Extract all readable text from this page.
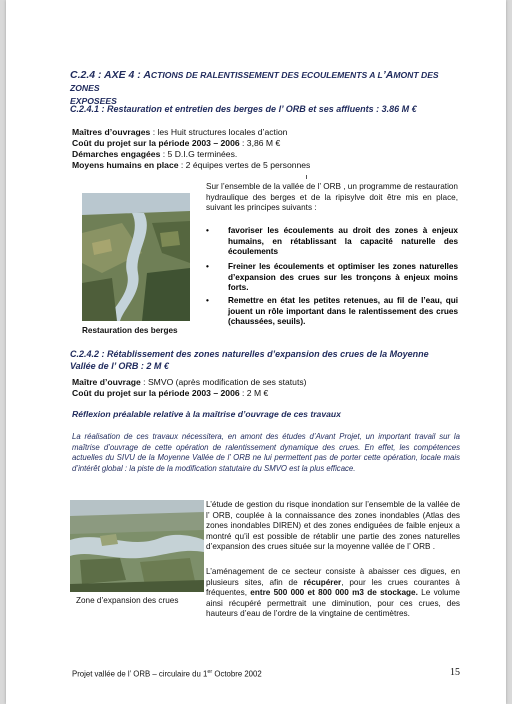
C.2.4 : AXE 4 : ACTIONS DE RALENTISSEMENT DES ECOULEMENTS A L’AMONT DES ZONES
EXPOSEES
C.2.4.1 : Restauration et entretien des berges de l’ ORB et ses affluents : 3.86 M €
Maîtres d’ouvrages : les Huit structures locales d’action
Coût du projet sur la période 2003 – 2006 : 3,86 M €
Démarches engagées : 5 D.I.G terminées.
Moyens humains en place : 2 équipes vertes de 5 personnes
Restauration des berges
Sur l’ensemble de la vallée de l’ ORB , un programme de restauration hydraulique des berges et de la ripisylve doit être mis en place, suivant les principes suivants :
• favoriser les écoulements au droit des zones à enjeux humains, en rétablissant la capacité naturelle des écoulements
• Freiner les écoulements et optimiser les zones naturelles d’expansion des crues sur les tronçons à enjeux moins forts.
• Remettre en état les petites retenues, au fil de l’eau, qui jouent un rôle important dans le ralentissement des crues (chaussées, seuils).
C.2.4.2 : Rétablissement des zones naturelles d’expansion des crues de la Moyenne
Vallée de l’ ORB : 2 M €
Maître d’ouvrage : SMVO (après modification de ses statuts)
Coût du projet sur la période 2003 – 2006 : 2 M €
Réflexion préalable relative à la maîtrise d’ouvrage de ces travaux
La réalisation de ces travaux nécessitera, en amont des études d’Avant Projet, un important travail sur la maîtrise d’ouvrage de cette opération de ralentissement dynamique des crues. En effet, les compétences actuelles du SIVU de la Moyenne Vallée de l’ ORB ne lui permettent pas de porter cette opération, locale mais d’intérêt global : la piste de la modification statutaire du SMVO est la plus efficace.
Zone d’expansion des crues
L’étude de gestion du risque inondation sur l’ensemble de la vallée de l’ ORB, couplée à la connaissance des zones inondables (Atlas des zones inondables DIREN) et des zones endiguées de faible enjeux a montré qu’il est possible de rétablir une partie des zones naturelles d’expansion des crues située sur la moyenne vallée de l’ ORB .
L’aménagement de ce secteur consiste à abaisser ces digues, en plusieurs sites, afin de récupérer, pour les crues courantes à fréquentes, entre 500 000 et 800 000 m3 de stockage. Le volume ainsi récupéré permettrait une diminution, pour ces crues, des hauteurs d’eau de l’ordre de la vingtaine de centimètres.
Projet vallée de l’ ORB – circulaire du 1er Octobre 2002	15
